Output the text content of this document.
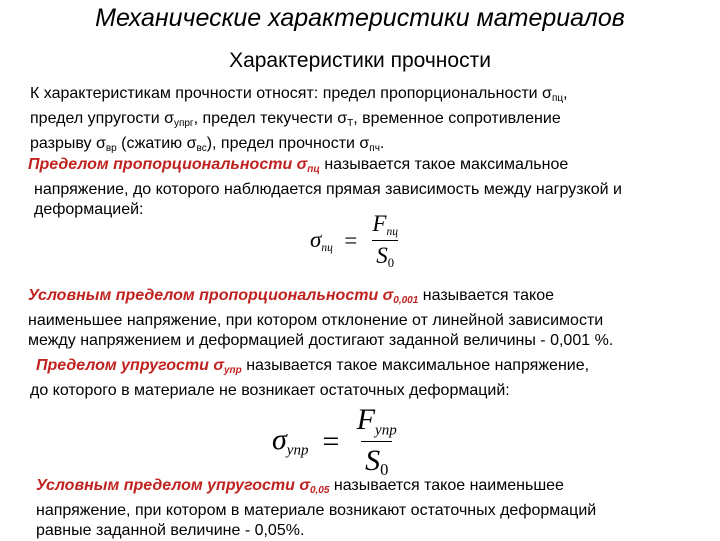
Механические характеристики материалов
Характеристики прочности
К характеристикам прочности относят: предел пропорциональности $\sigma_{пц}$,
предел упругости $\sigma_{упрг}$, предел текучести $\sigma_Т$, временное сопротивление
разрыву $\sigma_{вр}$ (сжатию $\sigma_{вс}$), предел прочности $\sigma_{пч}$.
Пределом пропорциональности $\sigma_{пц}$ называется такое максимальное
напряжение, до которого наблюдается прямая зависимость между нагрузкой и
деформацией:
$\sigma пц = \frac{\text{Fпц}}{S0}$
Условным пределом пропорциональности $\sigma_{0,001}$ называется такое
наименьшее напряжение, при котором отклонение от линейной зависимости
между напряжением и деформацией достигают заданной величины - 0,001 %.
Пределом упругости $\sigma_{упр}$ называется такое максимальное напряжение,
до которого в материале не возникает остаточных деформаций:
$\sigma упр = \frac{\text{Fупр}}{S0}$
Условным пределом упругости $\sigma_{0,05}$ называется такое наименьшее
напряжение, при котором в материале возникают остаточных деформаций
равные заданной величине - 0,05%.
